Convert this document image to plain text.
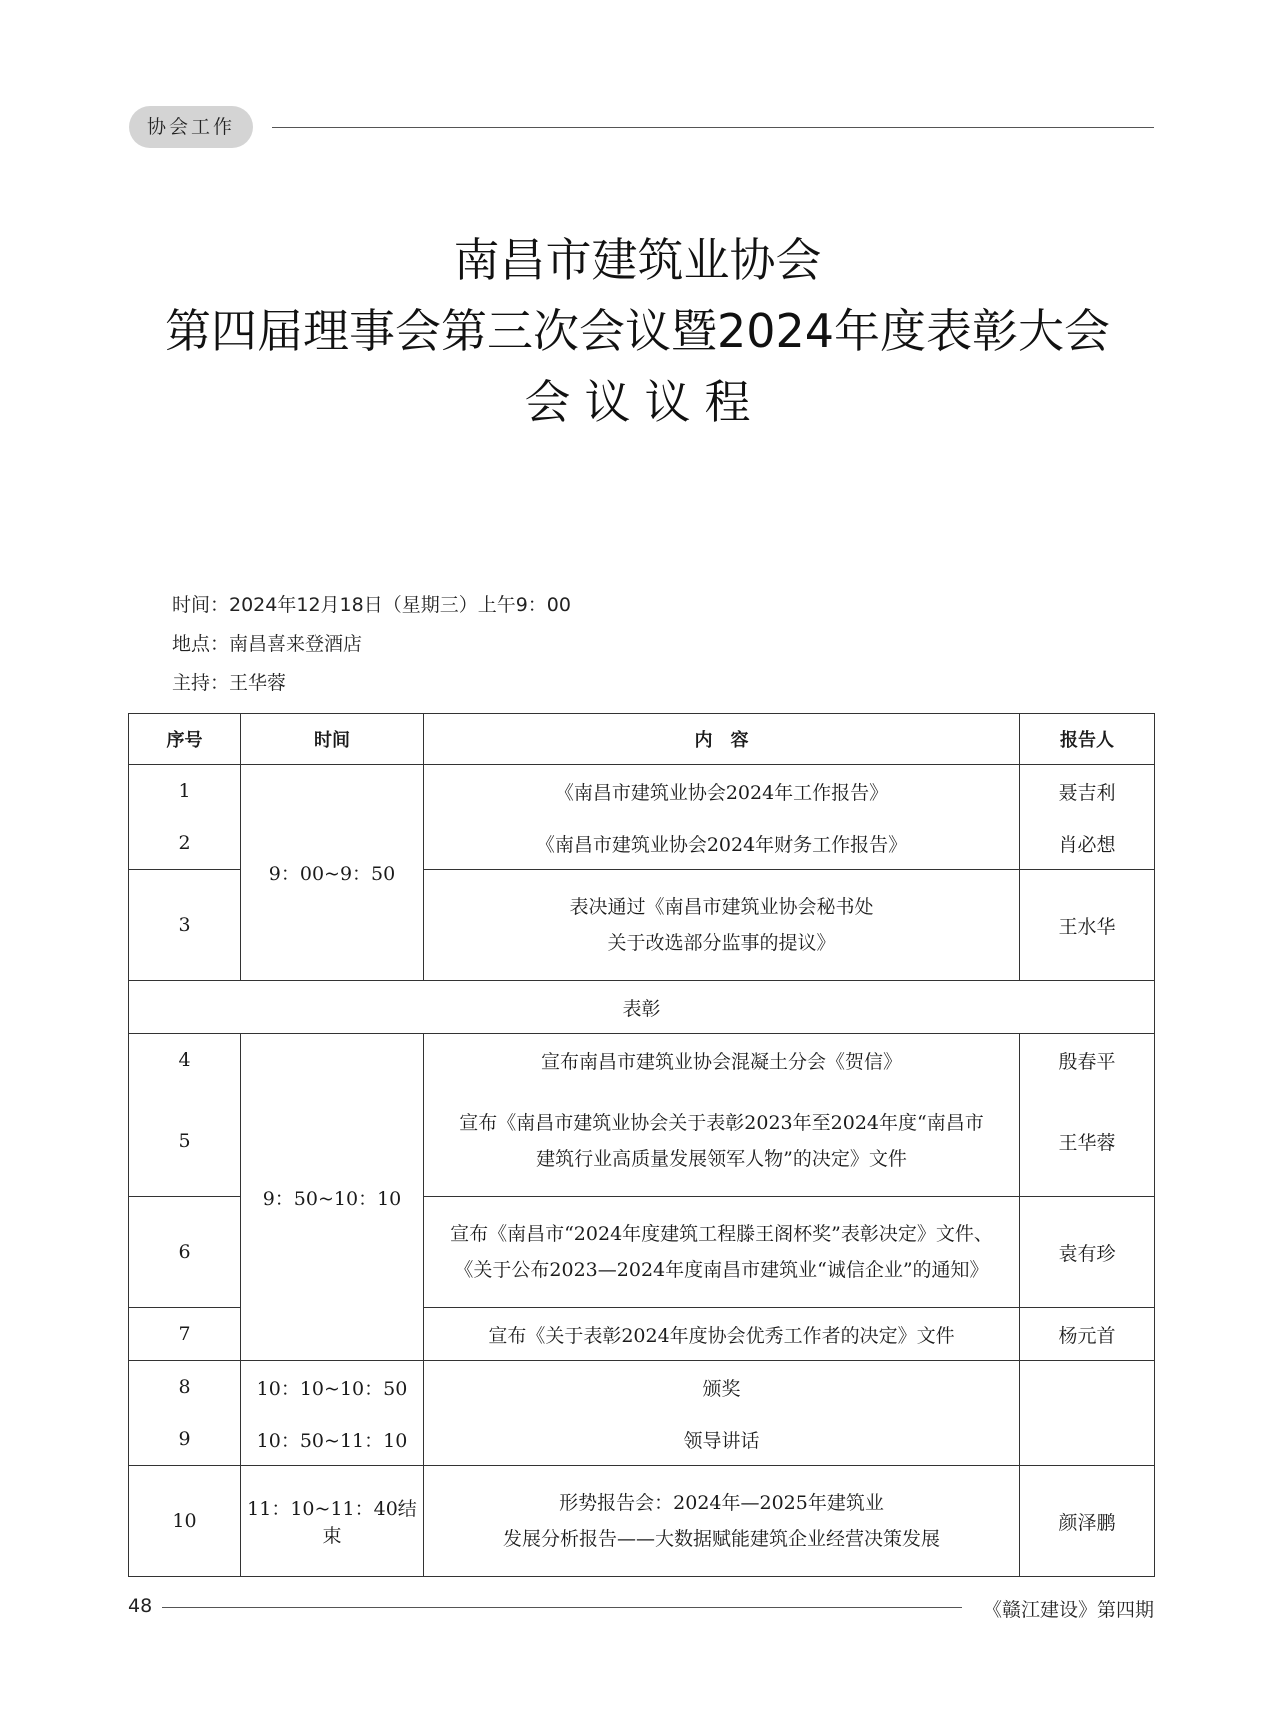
协会工作
南昌市建筑业协会
第四届理事会第三次会议暨2024年度表彰大会
会议议程
时间：2024年12月18日（星期三）上午9：00
地点：南昌喜来登酒店
主持：王华蓉
序号	时间	内　容	报告人
1	9：00~9：50	《南昌市建筑业协会2024年工作报告》	聂吉利
2		《南昌市建筑业协会2024年财务工作报告》	肖必想
3		表决通过《南昌市建筑业协会秘书处
关于改选部分监事的提议》	王水华
表彰			
4	9：50~10：10	宣布南昌市建筑业协会混凝土分会《贺信》	殷春平
5		宣布《南昌市建筑业协会关于表彰2023年至2024年度“南昌市
建筑行业高质量发展领军人物”的决定》文件	王华蓉
6		宣布《南昌市“2024年度建筑工程滕王阁杯奖”表彰决定》文件、
《关于公布2023—2024年度南昌市建筑业“诚信企业”的通知》	袁有珍
7		宣布《关于表彰2024年度协会优秀工作者的决定》文件	杨元首
8	10：10~10：50	颁奖	
9	10：50~11：10	领导讲话	
10	11：10~11：40结束	形势报告会：2024年—2025年建筑业
发展分析报告——大数据赋能建筑企业经营决策发展	颜泽鹏
48	《赣江建设》第四期
